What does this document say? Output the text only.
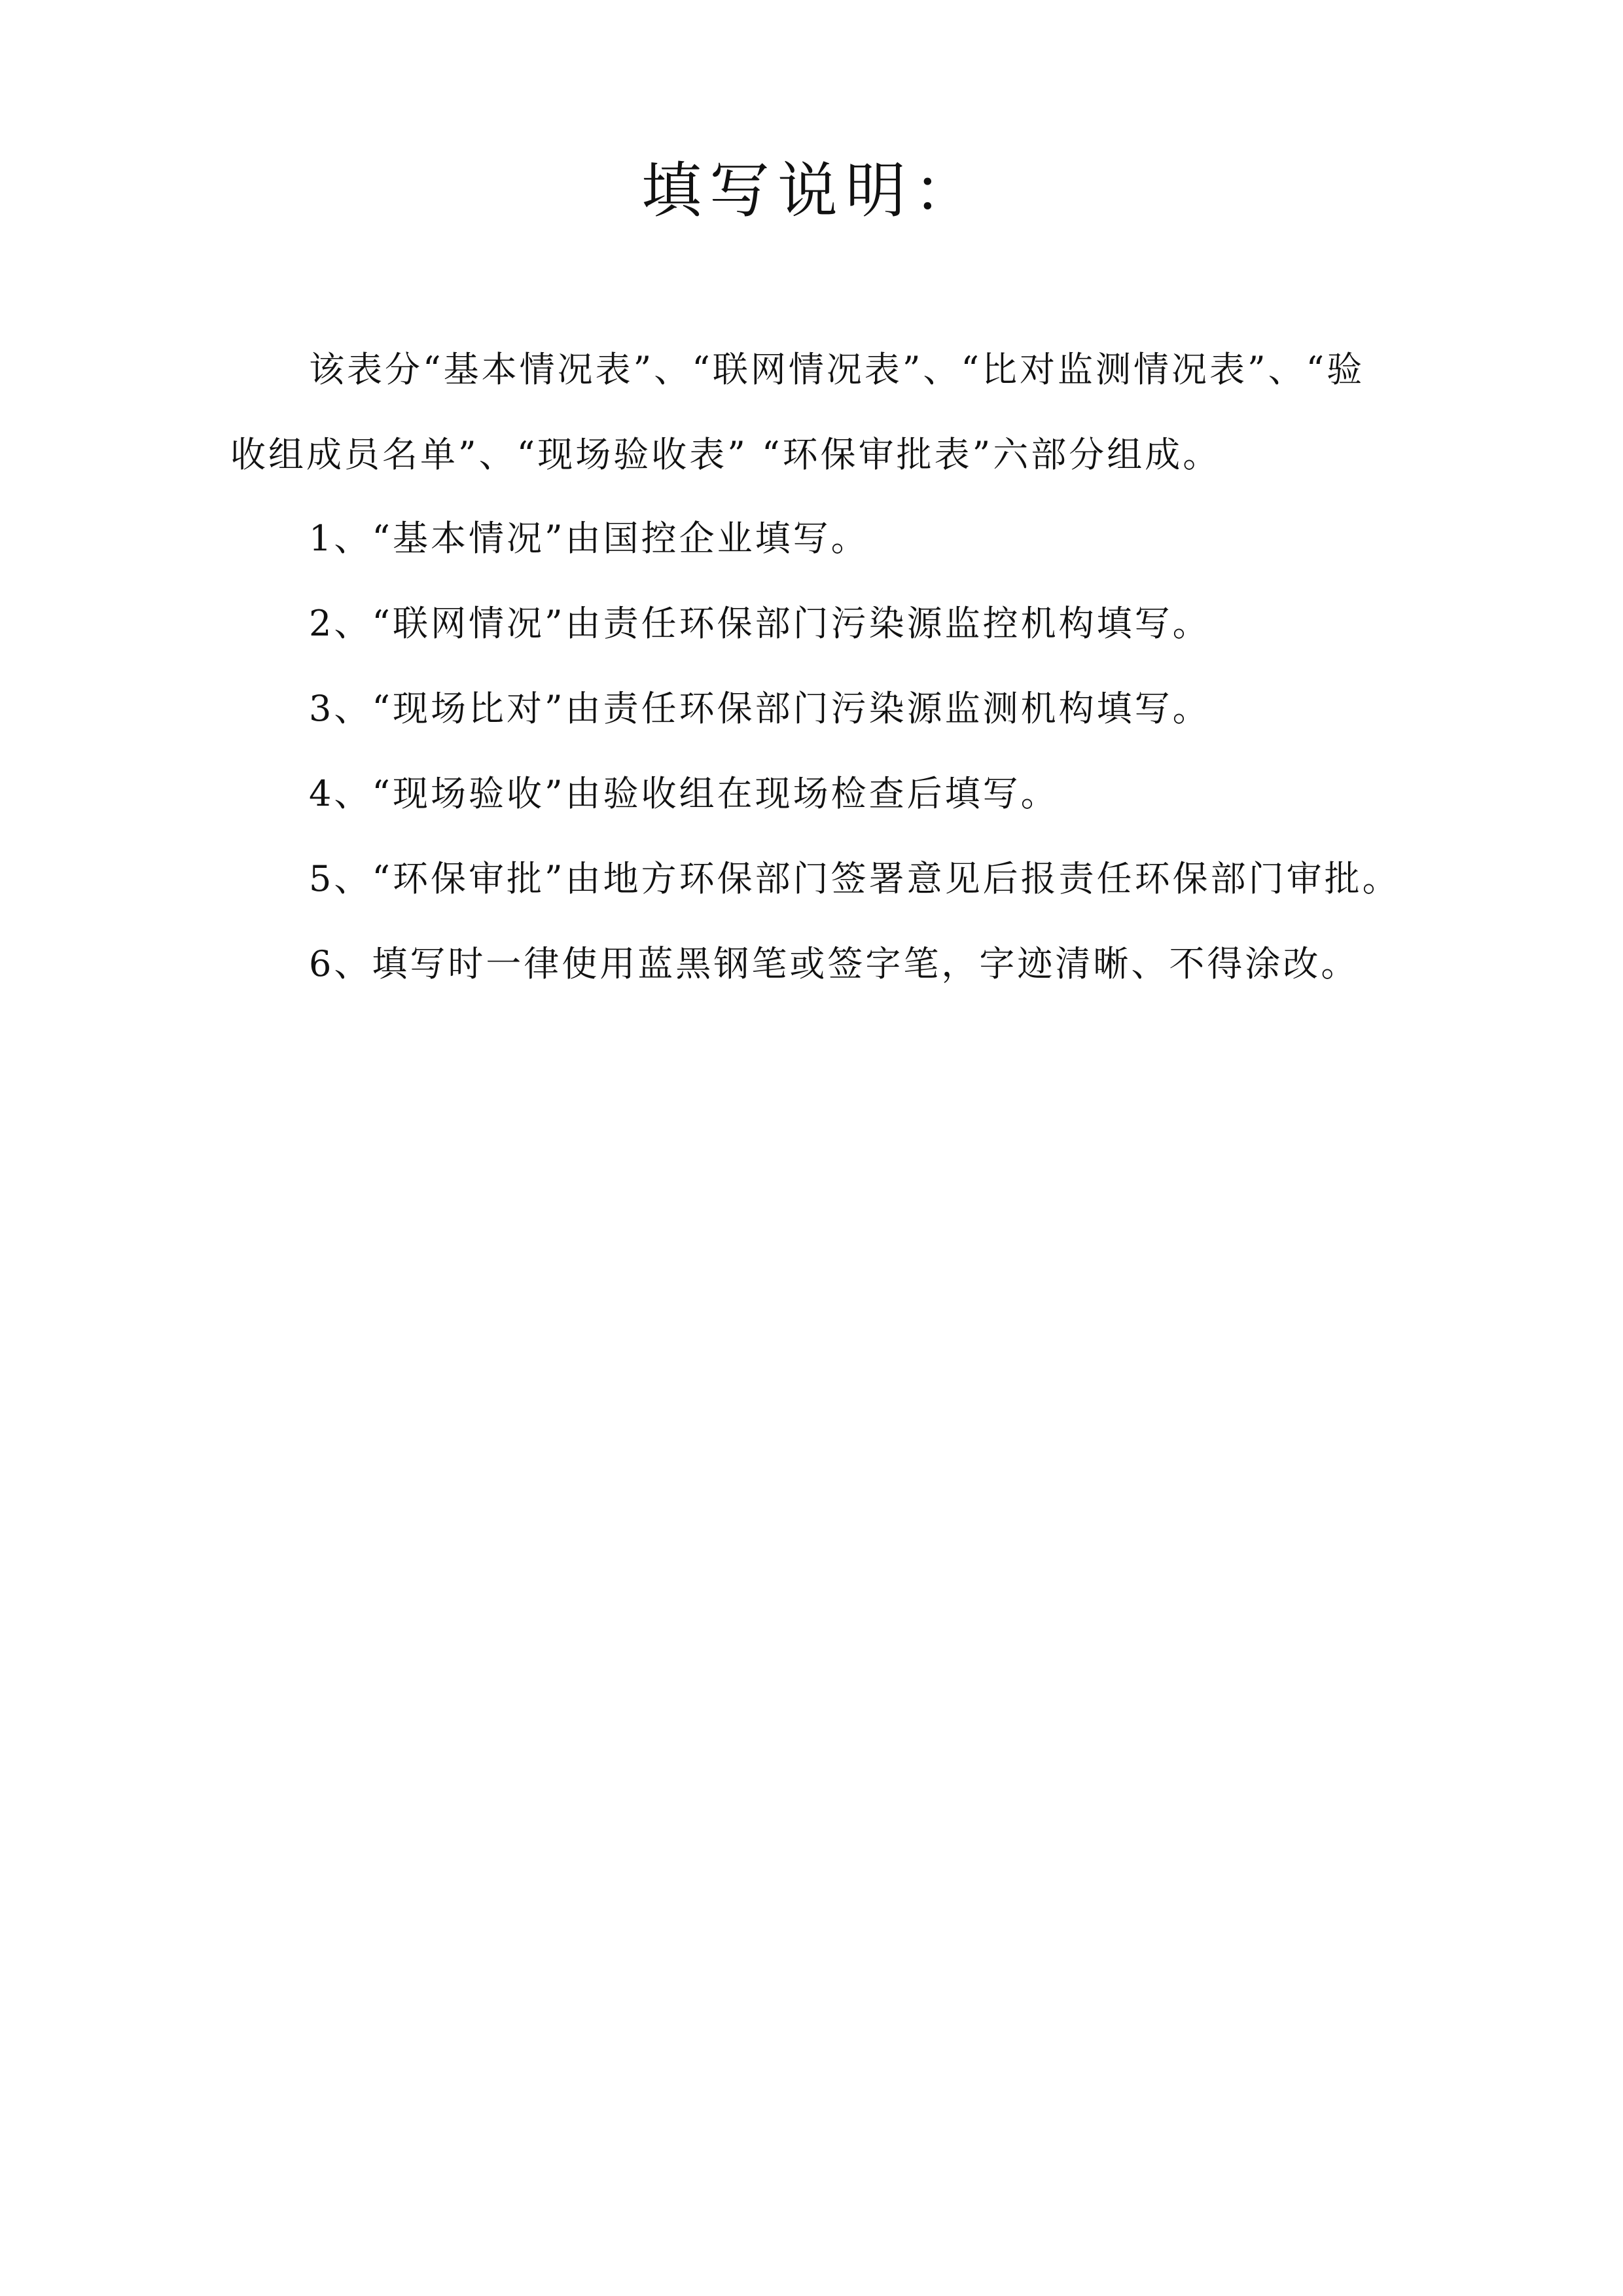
填写说明：

该表分“基本情况表”、“联网情况表”、“比对监测情况表”、“验收组成员名单”、“现场验收表” “环保审批表”六部分组成。

1、“基本情况”由国控企业填写。
2、“联网情况”由责任环保部门污染源监控机构填写。
3、“现场比对”由责任环保部门污染源监测机构填写。
4、“现场验收”由验收组在现场检查后填写。
5、“环保审批”由地方环保部门签署意见后报责任环保部门审批。
6、填写时一律使用蓝黑钢笔或签字笔，字迹清晰、不得涂改。
